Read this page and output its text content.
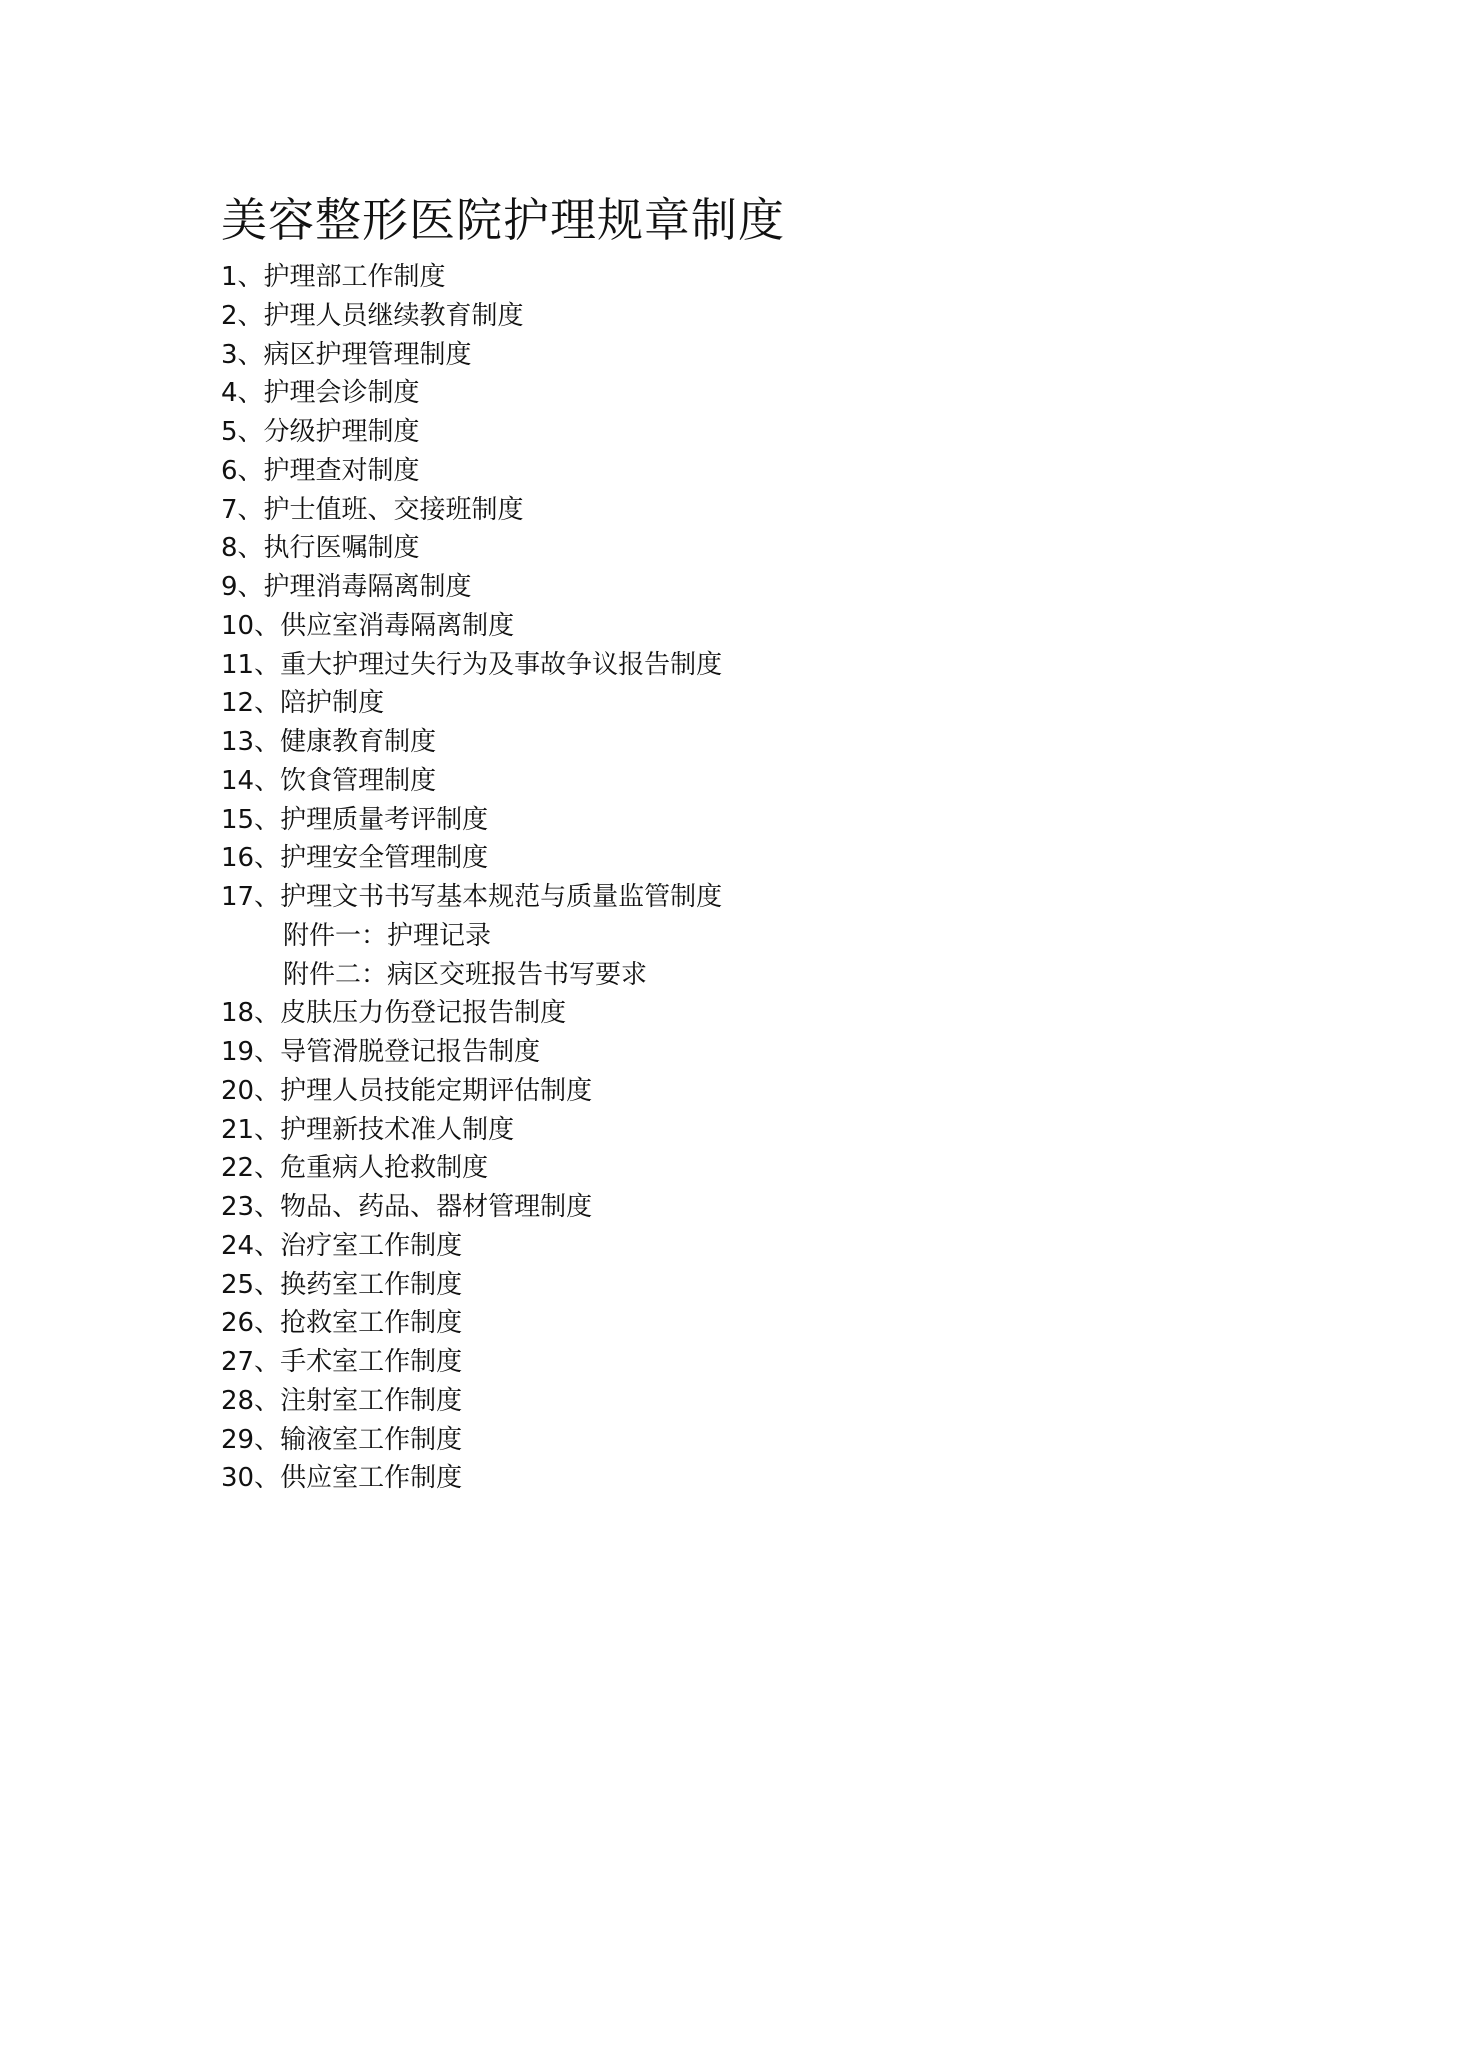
美容整形医院护理规章制度
1、护理部工作制度
2、护理人员继续教育制度
3、病区护理管理制度
4、护理会诊制度
5、分级护理制度
6、护理查对制度
7、护士值班、交接班制度
8、执行医嘱制度
9、护理消毒隔离制度
10、供应室消毒隔离制度
11、重大护理过失行为及事故争议报告制度
12、陪护制度
13、健康教育制度
14、饮食管理制度
15、护理质量考评制度
16、护理安全管理制度
17、护理文书书写基本规范与质量监管制度
附件一：护理记录
附件二：病区交班报告书写要求
18、皮肤压力伤登记报告制度
19、导管滑脱登记报告制度
20、护理人员技能定期评估制度
21、护理新技术准人制度
22、危重病人抢救制度
23、物品、药品、器材管理制度
24、治疗室工作制度
25、换药室工作制度
26、抢救室工作制度
27、手术室工作制度
28、注射室工作制度
29、输液室工作制度
30、供应室工作制度
